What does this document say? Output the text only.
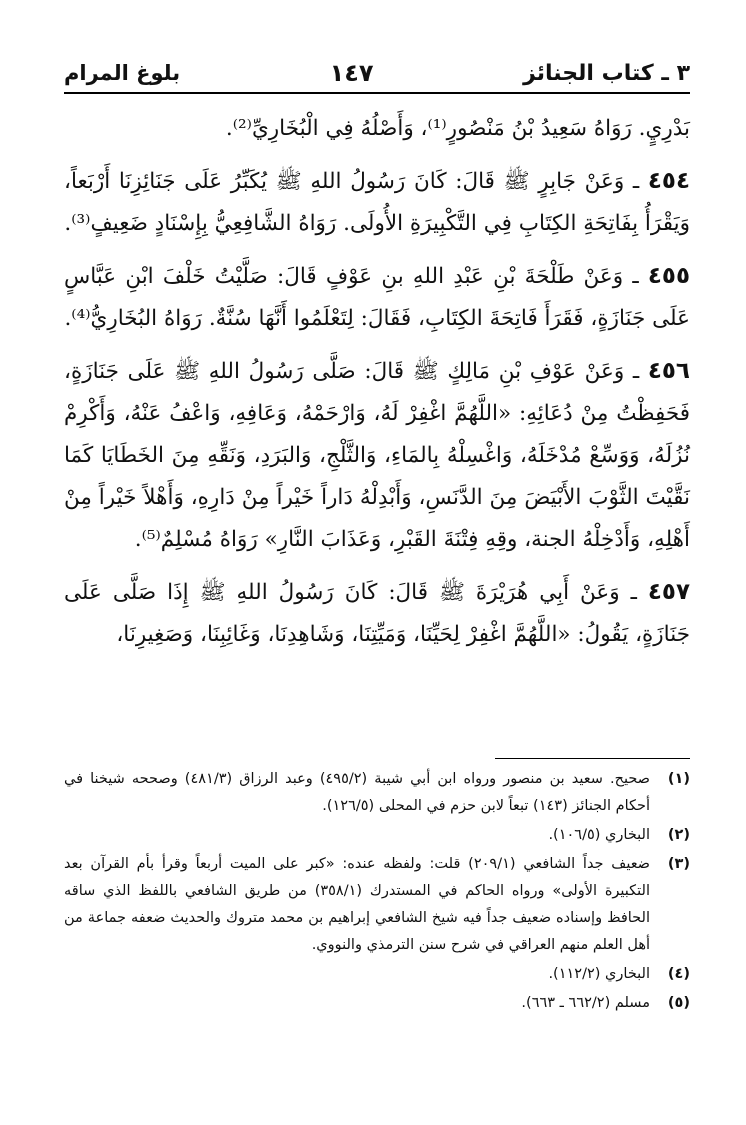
٣ ـ كتاب الجنائز
١٤٧
بلوغ المرام

بَدْرِيٍ. رَوَاهُ سَعِيدُ بْنُ مَنْصُورٍ⁽¹⁾، وَأَصْلُهُ فِي الْبُخَارِيِّ⁽²⁾.

٤٥٤ ـ وَعَنْ جَابِرٍ ﷺ قَالَ: كَانَ رَسُولُ اللهِ ﷺ يُكَبِّرُ عَلَى جَنَائِزِنَا أَرْبَعاً، وَيَقْرَأُ بِفَاتِحَةِ الكِتَابِ فِي التَّكْبِيرَةِ الأُولَى. رَوَاهُ الشَّافِعِيُّ بِإِسْنَادٍ ضَعِيفٍ⁽³⁾.

٤٥٥ ـ وَعَنْ طَلْحَةَ بْنِ عَبْدِ اللهِ بنِ عَوْفٍ قَالَ: صَلَّيْتُ خَلْفَ ابْنِ عَبَّاسٍ عَلَى جَنَازَةٍ، فَقَرَأَ فَاتِحَةَ الكِتَابِ، فَقَالَ: لِتَعْلَمُوا أَنَّهَا سُنَّةٌ. رَوَاهُ البُخَارِيُّ⁽⁴⁾.

٤٥٦ ـ وَعَنْ عَوْفِ بْنِ مَالِكٍ ﷺ قَالَ: صَلَّى رَسُولُ اللهِ ﷺ عَلَى جَنَازَةٍ، فَحَفِظْتُ مِنْ دُعَائِهِ: «اللَّهُمَّ اغْفِرْ لَهُ، وَارْحَمْهُ، وَعَافِهِ، وَاعْفُ عَنْهُ، وَأَكْرِمْ نُزُلَهُ، وَوَسِّعْ مُدْخَلَهُ، وَاغْسِلْهُ بِالمَاءِ، وَالثَّلْجِ، وَالبَرَدِ، وَنَقِّهِ مِنَ الخَطَايَا كَمَا نَقَّيْتَ الثَّوْبَ الأَبْيَضَ مِنَ الدَّنَسِ، وَأَبْدِلْهُ دَاراً خَيْراً مِنْ دَارِهِ، وَأَهْلاً خَيْراً مِنْ أَهْلِهِ، وَأَدْخِلْهُ الجنة، وقِهِ فِتْنَةَ القَبْرِ، وَعَذَابَ النَّارِ» رَوَاهُ مُسْلِمٌ⁽⁵⁾.

٤٥٧ ـ وَعَنْ أَبِي هُرَيْرَةَ ﷺ قَالَ: كَانَ رَسُولُ اللهِ ﷺ إِذَا صَلَّى عَلَى جَنَازَةٍ، يَقُولُ: «اللَّهُمَّ اغْفِرْ لِحَيِّنَا، وَمَيِّتِنَا، وَشَاهِدِنَا، وَغَائِبِنَا، وَصَغِيرِنَا،

(١)
صحيح. سعيد بن منصور ورواه ابن أبي شيبة (٤٩٥/٢) وعبد الرزاق (٤٨١/٣) وصححه شيخنا في أحكام الجنائز (١٤٣) تبعاً لابن حزم في المحلى (١٢٦/٥).
(٢)
البخاري (١٠٦/٥).
(٣)
ضعيف جداً الشافعي (٢٠٩/١) قلت: ولفظه عنده: «كبر على الميت أربعاً وقرأ بأم القرآن بعد التكبيرة الأولى» ورواه الحاكم في المستدرك (٣٥٨/١) من طريق الشافعي باللفظ الذي ساقه الحافظ وإسناده ضعيف جداً فيه شيخ الشافعي إبراهيم بن محمد متروك والحديث ضعفه جماعة من أهل العلم منهم العراقي في شرح سنن الترمذي والنووي.
(٤)
البخاري (١١٢/٢).
(٥)
مسلم (٦٦٢/٢ ـ ٦٦٣).
